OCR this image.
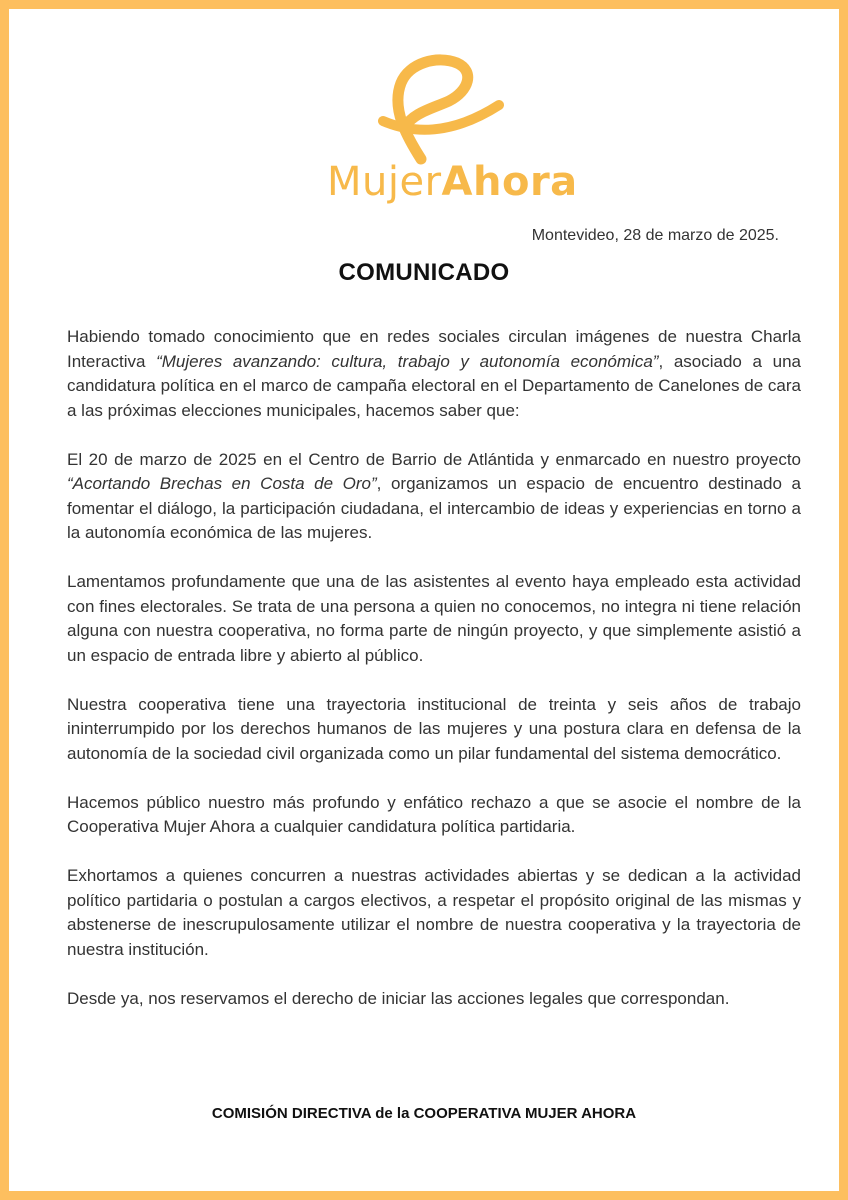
MujerAhora
Montevideo, 28 de marzo de 2025.
COMUNICADO

Habiendo tomado conocimiento que en redes sociales circulan imágenes de nuestra Charla Interactiva “Mujeres avanzando: cultura, trabajo y autonomía económica”, asociado a una candidatura política en el marco de campaña electoral en el Departamento de Canelones de cara a las próximas elecciones municipales, hacemos saber que:

El 20 de marzo de 2025 en el Centro de Barrio de Atlántida y enmarcado en nuestro proyecto “Acortando Brechas en Costa de Oro”, organizamos un espacio de encuentro destinado a fomentar el diálogo, la participación ciudadana, el intercambio de ideas y experiencias en torno a la autonomía económica de las mujeres.

Lamentamos profundamente que una de las asistentes al evento haya empleado esta actividad con fines electorales. Se trata de una persona a quien no conocemos, no integra ni tiene relación alguna con nuestra cooperativa, no forma parte de ningún proyecto, y que simplemente asistió a un espacio de entrada libre y abierto al público.

Nuestra cooperativa tiene una trayectoria institucional de treinta y seis años de trabajo ininterrumpido por los derechos humanos de las mujeres y una postura clara en defensa de la autonomía de la sociedad civil organizada como un pilar fundamental del sistema democrático.

Hacemos público nuestro más profundo y enfático rechazo a que se asocie el nombre de la Cooperativa Mujer Ahora a cualquier candidatura política partidaria.

Exhortamos a quienes concurren a nuestras actividades abiertas y se dedican a la actividad político partidaria o postulan a cargos electivos, a respetar el propósito original de las mismas y abstenerse de inescrupulosamente utilizar el nombre de nuestra cooperativa y la trayectoria de nuestra institución.

Desde ya, nos reservamos el derecho de iniciar las acciones legales que correspondan.

COMISIÓN DIRECTIVA de la COOPERATIVA MUJER AHORA
